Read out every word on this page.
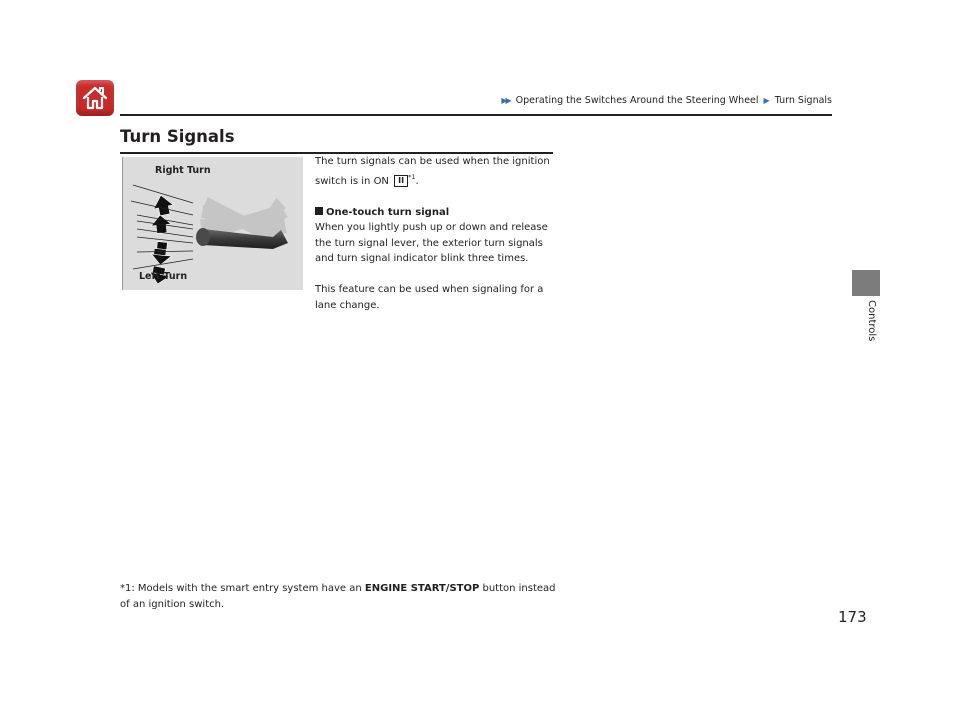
▶▶ Operating the Switches Around the Steering Wheel ▶ Turn Signals
Turn Signals
Right Turn
Left Turn

The turn signals can be used when the ignition switch is in ON II $^{*1}$.

One-touch turn signal

When you lightly push up or down and release the turn signal lever, the exterior turn signals and turn signal indicator blink three times.

This feature can be used when signaling for a lane change.

*1: Models with the smart entry system have an ENGINE START/STOP button instead of an ignition switch.
Controls
173
